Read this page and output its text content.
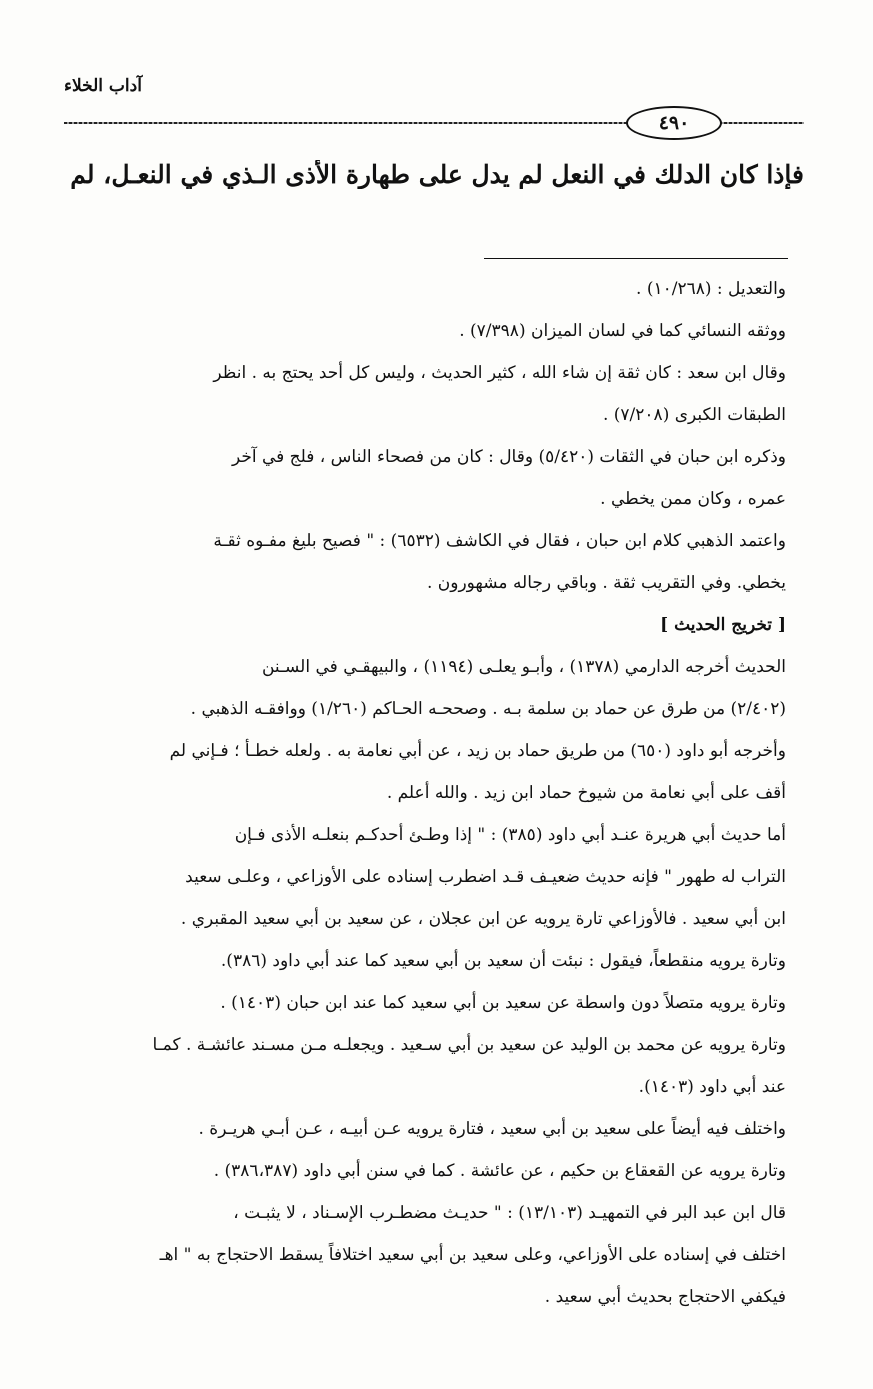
آداب الخلاء
٤٩٠
فإذا كان الدلك في النعل لم يدل على طهارة الأذى الـذي في النعـل، لم
والتعديل : (١٠/٢٦٨) .
ووثقه النسائي كما في لسان الميزان (٧/٣٩٨) .
وقال ابن سعد : كان ثقة إن شاء الله ، كثير الحديث ، وليس كل أحد يحتج به . انظر
الطبقات الكبرى (٧/٢٠٨) .
وذكره ابن حبان في الثقات (٥/٤٢٠) وقال : كان من فصحاء الناس ، فلج في آخر
عمره ، وكان ممن يخطي .
واعتمد الذهبي كلام ابن حبان ، فقال في الكاشف (٦٥٣٢) : " فصيح بليغ مفـوه ثقـة
يخطي. وفي التقريب ثقة . وباقي رجاله مشهورون .
[ تخريج الحديث ]
الحديث أخرجه الدارمي (١٣٧٨) ، وأبـو يعلـى (١١٩٤) ، والبيهقـي في السـنن
(٢/٤٠٢) من طرق عن حماد بن سلمة بـه . وصححـه الحـاكم (١/٢٦٠) ووافقـه الذهبي .
وأخرجه أبو داود (٦٥٠) من طريق حماد بن زيد ، عن أبي نعامة به . ولعله خطـأ ؛ فـإني لم
أقف على أبي نعامة من شيوخ حماد ابن زيد . والله أعلم .
أما حديث أبي هريرة عنـد أبي داود (٣٨٥) : " إذا وطـئ أحدكـم بنعلـه الأذى فـإن
التراب له طهور " فإنه حديث ضعيـف قـد اضطرب إسناده على الأوزاعي ، وعلـى سعيد
ابن أبي سعيد . فالأوزاعي تارة يرويه عن ابن عجلان ، عن سعيد بن أبي سعيد المقبري .
وتارة يرويه منقطعاً، فيقول : نبئت أن سعيد بن أبي سعيد كما عند أبي داود (٣٨٦).
وتارة يرويه متصلاً دون واسطة عن سعيد بن أبي سعيد كما عند ابن حبان (١٤٠٣) .
وتارة يرويه عن محمد بن الوليد عن سعيد بن أبي سـعيد . ويجعلـه مـن مسـند عائشـة . كمـا
عند أبي داود (١٤٠٣).
واختلف فيه أيضاً على سعيد بن أبي سعيد ، فتارة يرويه عـن أبيـه ، عـن أبـي هريـرة .
وتارة يرويه عن القعقاع بن حكيم ، عن عائشة . كما في سنن أبي داود (٣٨٦،٣٨٧) .
قال ابن عبد البر في التمهيـد (١٣/١٠٣) : " حديـث مضطـرب الإسـناد ، لا يثبـت ،
اختلف في إسناده على الأوزاعي، وعلى سعيد بن أبي سعيد اختلافاً يسقط الاحتجاج به " اهـ
فيكفي الاحتجاج بحديث أبي سعيد .
